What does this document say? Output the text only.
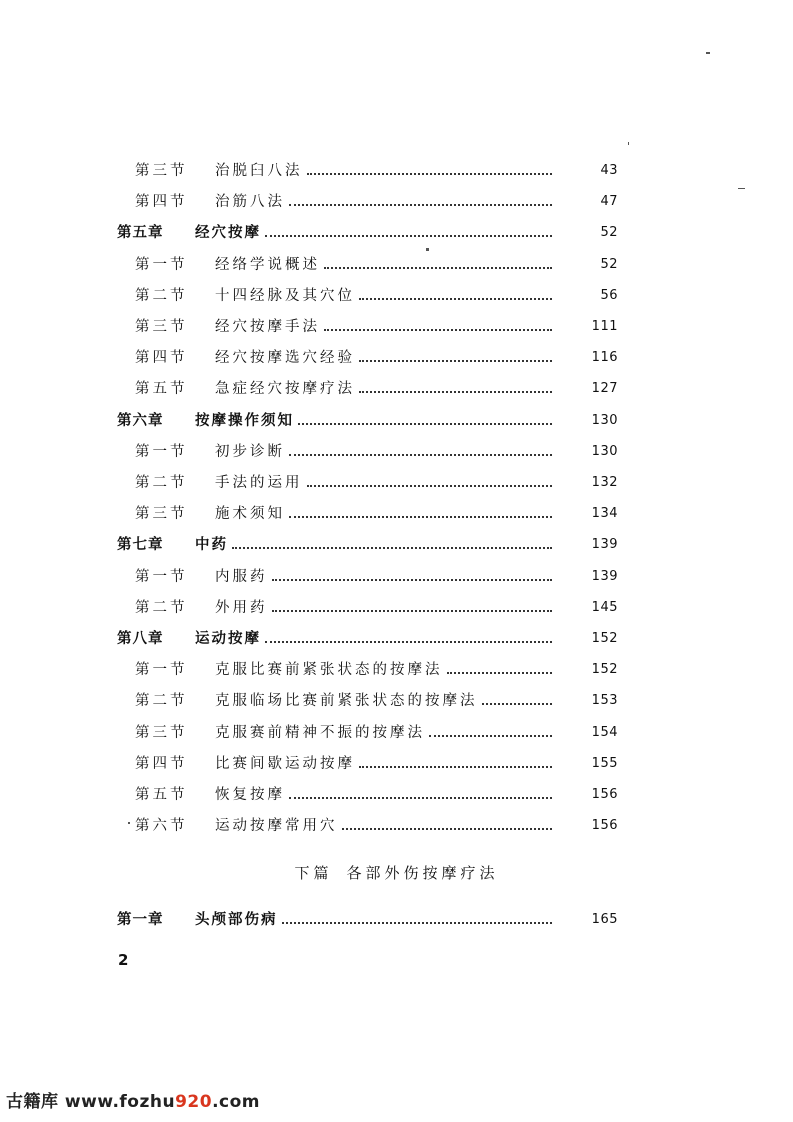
第三节	治脱臼八法	43
第四节	治筋八法	47
第五章	经穴按摩	52
第一节	经络学说概述	52
第二节	十四经脉及其穴位	56
第三节	经穴按摩手法	111
第四节	经穴按摩选穴经验	116
第五节	急症经穴按摩疗法	127
第六章	按摩操作须知	130
第一节	初步诊断	130
第二节	手法的运用	132
第三节	施术须知	134
第七章	中药	139
第一节	内服药	139
第二节	外用药	145
第八章	运动按摩	152
第一节	克服比赛前紧张状态的按摩法	152
第二节	克服临场比赛前紧张状态的按摩法	153
第三节	克服赛前精神不振的按摩法	154
第四节	比赛间歇运动按摩	155
第五节	恢复按摩	156
第六节	运动按摩常用穴	156
下篇 各部外伤按摩疗法
第一章	头颅部伤病	165
2
古籍库 www.fozhu920.com
